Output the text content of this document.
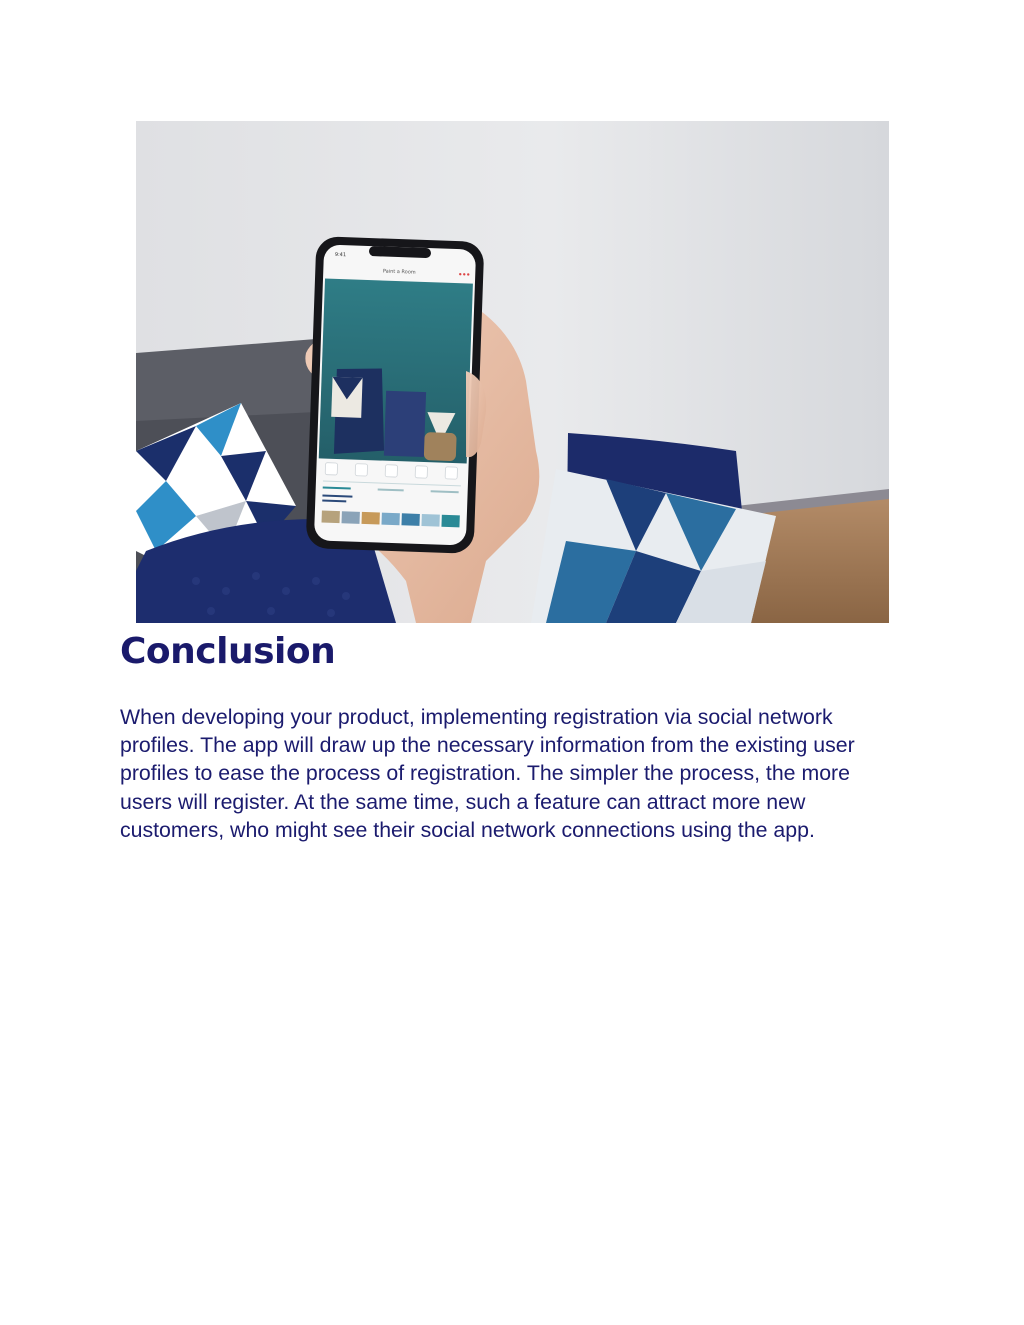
9:41
Paint a Room
Conclusion

When developing your product, implementing registration via social network profiles. The app will draw up the necessary information from the existing user profiles to ease the process of registration. The simpler the process, the more users will register. At the same time, such a feature can attract more new customers, who might see their social network connections using the app.
